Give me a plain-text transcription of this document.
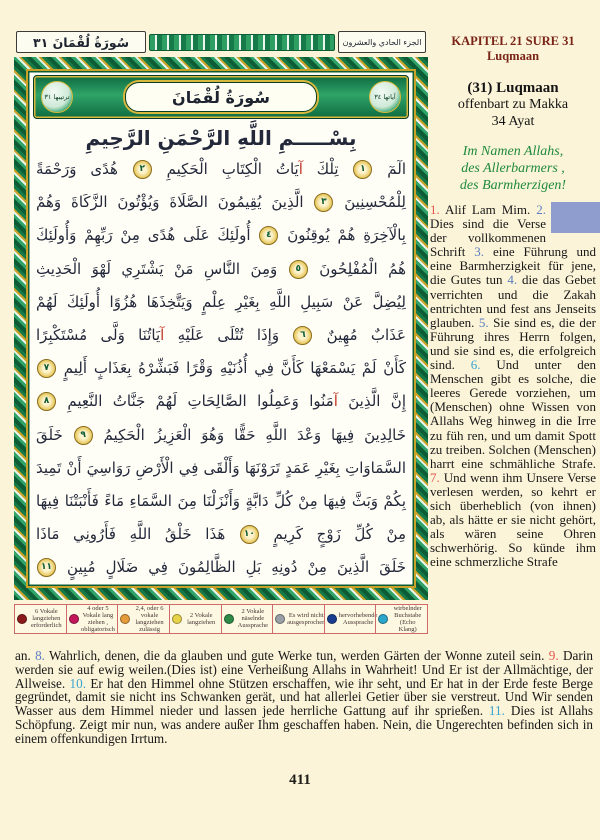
سُورَةُ لُقْمَانَ ٣١	الجزء الحادي والعشرون
ترتيبها ٣١	سُورَةُ لُقْمَانَ	آياتها ٣٤
بِسْـــــمِ اللَّهِ الرَّحْمَنِ الرَّحِيمِ
الٓمٓ ١ تِلْكَ آيَاتُ الْكِتَابِ الْحَكِيمِ ٢ هُدًى وَرَحْمَةً
لِلْمُحْسِنِينَ ٣ الَّذِينَ يُقِيمُونَ الصَّلَاةَ وَيُؤْتُونَ الزَّكَاةَ وَهُمْ
بِالْخِرَةِ هُمْ يُوقِنُونَ ٤ أُولَئِكَ عَلَى هُدًى مِنْ رَبِّهِمْ وَأُولَئِكَ
هُمُ الْمُفْلِحُونَ ٥ وَمِنَ النَّاسِ مَنْ يَشْتَرِي لَهْوَ الْحَدِيثِ
لِيُضِلَّ عَنْ سَبِيلِ اللَّهِ بِغَيْرِ عِلْمٍ وَيَتَّخِذَهَا هُزُوًا أُولَئِكَ لَهُمْ
عَذَابٌ مُهِينٌ ٦ وَإِذَا تُتْلَى عَلَيْهِ آيَاتُنَا وَلَّى مُسْتَكْبِرًا
كَأَنْ لَمْ يَسْمَعْهَا كَأَنَّ فِي أُذُنَيْهِ وَقْرًا فَبَشِّرْهُ بِعَذَابٍ أَلِيمٍ ٧
إِنَّ الَّذِينَ آمَنُوا وَعَمِلُوا الصَّالِحَاتِ لَهُمْ جَنَّاتُ النَّعِيمِ ٨
خَالِدِينَ فِيهَا وَعْدَ اللَّهِ حَقًّا وَهُوَ الْعَزِيزُ الْحَكِيمُ ٩ خَلَقَ
السَّمَاوَاتِ بِغَيْرِ عَمَدٍ تَرَوْنَهَا وَأَلْقَى فِي الْأَرْضِ رَوَاسِيَ أَنْ تَمِيدَ
بِكُمْ وَبَثَّ فِيهَا مِنْ كُلِّ دَابَّةٍ وَأَنْزَلْنَا مِنَ السَّمَاءِ مَاءً فَأَنْبَتْنَا فِيهَا
مِنْ كُلِّ زَوْجٍ كَرِيمٍ ١٠ هَذَا خَلْقُ اللَّهِ فَأَرُونِي مَاذَا
خَلَقَ الَّذِينَ مِنْ دُونِهِ بَلِ الظَّالِمُونَ فِي ضَلَالٍ مُبِينٍ ١١
6 Vokale langziehen erforderlich
4 oder 5 Vokale lang ziehen , obligatorisch
2,4, oder 6 vokale langziehen zulässig
2 Vokale langziehen
2 Vokale näselnde Aussprache
Es wird nicht ausgesprochen
hervorhebende Aussprache
wirbelnder Buchstabe (Echo Klang)
KAPITEL 21 SURE 31
Luqmaan
(31) Luqmaan
offenbart zu Makka
34 Ayat
Im Namen Allahs,
des Allerbarmers ,
des Barmherzigen!
1. Alif Lam Mim. 2. Dies sind die Verse der vollkommenen Schrift 3. eine Führung und eine Barmherzigkeit für jene, die Gutes tun 4. die das Gebet verrichten und die Zakah entrichten und fest ans Jenseits glauben. 5. Sie sind es, die der Führung ihres Herrn folgen, und sie sind es, die erfolgreich sind. 6. Und unter den Menschen gibt es solche, die leeres Gerede vorziehen, um (Menschen) ohne Wissen von Allahs Weg hinweg in die Irre zu füh ren, und um damit Spott zu treiben. Solchen (Menschen) harrt eine schmähliche Strafe. 7. Und wenn ihm Unsere Verse verlesen werden, so kehrt er sich überheblich (von ihnen) ab, als hätte er sie nicht gehört, als wären seine Ohren schwerhörig. So künde ihm eine schmerzliche Strafe
an. 8. Wahrlich, denen, die da glauben und gute Werke tun, werden Gärten der Wonne zuteil sein. 9. Darin werden sie auf ewig weilen.(Dies ist) eine Verheißung Allahs in Wahrheit! Und Er ist der Allmächtige, der Allweise. 10. Er hat den Himmel ohne Stützen erschaffen, wie ihr seht, und Er hat in der Erde feste Berge gegründet, damit sie nicht ins Schwanken gerät, und hat allerlei Getier über sie verstreut. Und Wir senden Wasser aus dem Himmel nieder und lassen jede herrliche Gattung auf ihr sprießen. 11. Dies ist Allahs Schöpfung. Zeigt mir nun, was andere außer Ihm geschaffen haben. Nein, die Ungerechten befinden sich in einem offenkundigen Irrtum.
411
